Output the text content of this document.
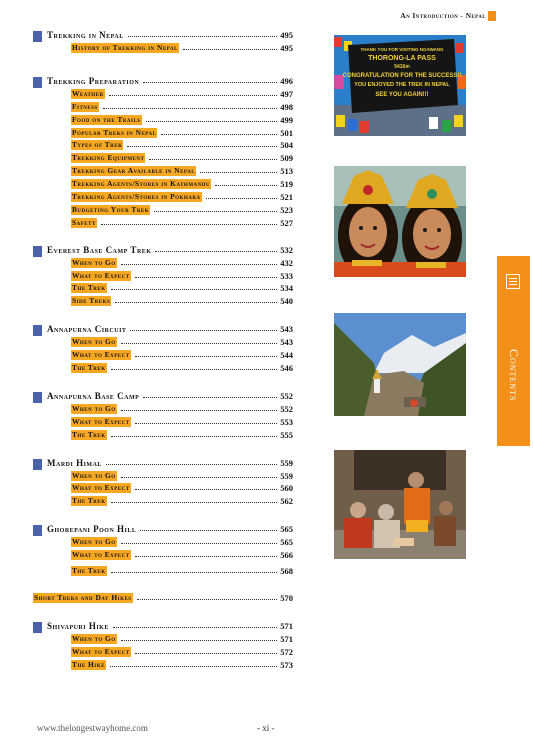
An Introduction - Nepal
Trekking in Nepal	495
History of Trekking in Nepal	495
Trekking Preparation	496
Weather	497
Fitness	498
Food on the Trails	499
Popular Treks in Nepal	501
Types of Trek	504
Trekking Equipment	509
Trekking Gear Available in Nepal	513
Trekking Agents/Stores in Kathmandu	519
Trekking Agents/Stores in Pokhara	521
Budgeting Your Trek	523
Safety	527
Everest Base Camp Trek	532
When to Go	432
What to Expect	533
The Trek	534
Side Treks	540
Annapurna Circuit	543
When to Go	543
What to Expect	544
The Trek	546
Annapurna Base Camp	552
When to Go	552
What to Expect	553
The Trek	555
Mardi Himal	559
When to Go	559
What to Expect	560
The Trek	562
Ghorepani Poon Hill	565
When to Go	565
What to Expect	566
The Trek	568
Short Treks and Day Hikes	570
Shivapuri Hike	571
When to Go	571
What to Expect	572
The Hike	573
THANK YOU FOR VISITING NGAWANG
THORONG-LA PASS
5416m
CONGRATULATION FOR THE SUCCESS!!
YOU ENJOYED THE TREK IN NEPAL
SEE YOU AGAIN!!!
Contents
www.thelongestwayhome.com	- xi -
